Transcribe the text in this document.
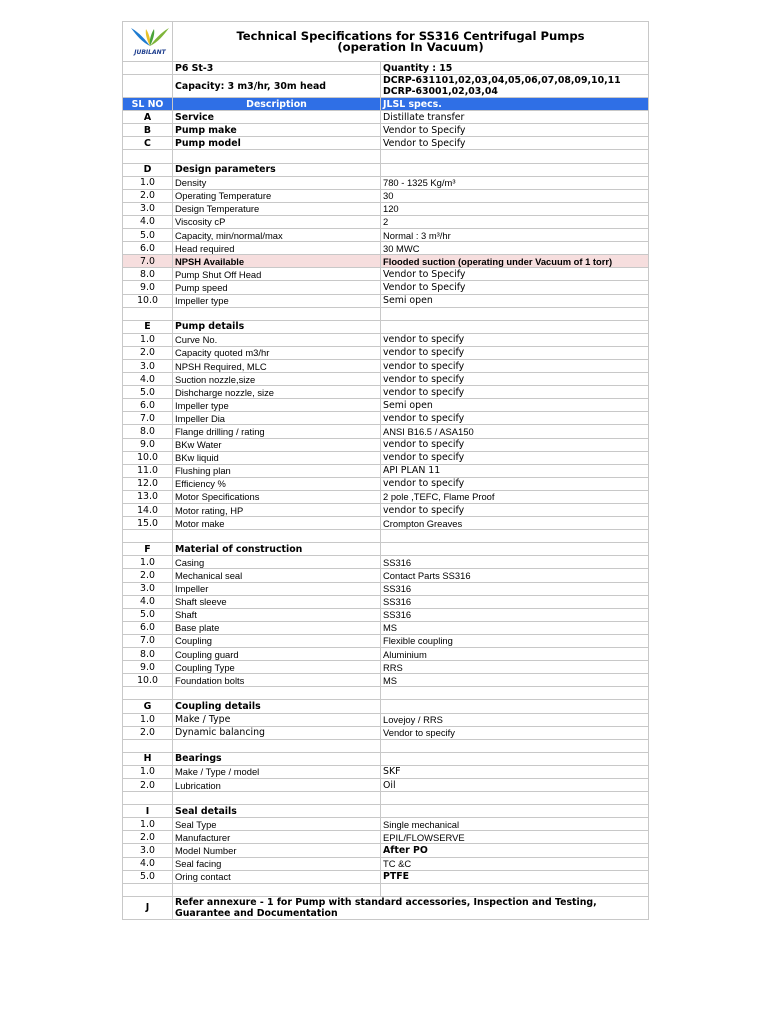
JUBILANT	Technical Specifications for SS316 Centrifugal Pumps
(operation In Vacuum)	

	P6 St-3	Quantity : 15
	Capacity: 3 m3/hr, 30m head	DCRP-631101,02,03,04,05,06,07,08,09,10,11
DCRP-63001,02,03,04

SL NO	Description	JLSL specs.
A	Service	Distillate transfer
B	Pump make	Vendor to Specify
C	Pump model	Vendor to Specify

D	Design parameters	
1.0	Density	780 - 1325 Kg/m³
2.0	Operating Temperature	30
3.0	Design Temperature	120
4.0	Viscosity cP	2
5.0	Capacity, min/normal/max	Normal : 3 m³/hr
6.0	Head required	30 MWC
7.0	NPSH Available	Flooded suction (operating under Vacuum of 1 torr)
8.0	Pump Shut Off Head	Vendor to Specify
9.0	Pump speed	Vendor to Specify
10.0	Impeller type	Semi open

E	Pump details	
1.0	Curve No.	vendor to specify
2.0	Capacity quoted m3/hr	vendor to specify
3.0	NPSH Required, MLC	vendor to specify
4.0	Suction nozzle,size	vendor to specify
5.0	Dishcharge nozzle, size	vendor to specify
6.0	Impeller type	Semi open
7.0	Impeller Dia	vendor to specify
8.0	Flange drilling / rating	ANSI B16.5 / ASA150
9.0	BKw Water	vendor to specify
10.0	BKw liquid	vendor to specify
11.0	Flushing plan	API PLAN 11
12.0	Efficiency %	vendor to specify
13.0	Motor Specifications	2 pole ,TEFC, Flame Proof
14.0	Motor rating, HP	vendor to specify
15.0	Motor make	Crompton Greaves

F	Material of construction	
1.0	Casing	SS316
2.0	Mechanical seal	Contact Parts SS316
3.0	Impeller	SS316
4.0	Shaft sleeve	SS316
5.0	Shaft	SS316
6.0	Base plate	MS
7.0	Coupling	Flexible coupling
8.0	Coupling guard	Aluminium
9.0	Coupling Type	RRS
10.0	Foundation bolts	MS

G	Coupling details	
1.0	Make / Type	Lovejoy / RRS
2.0	Dynamic balancing	Vendor to specify

H	Bearings	
1.0	Make / Type / model	SKF
2.0	Lubrication	Oil

I	Seal details	
1.0	Seal Type	Single mechanical
2.0	Manufacturer	EPIL/FLOWSERVE
3.0	Model Number	After PO
4.0	Seal facing	TC &C
5.0	Oring contact	PTFE

J	Refer annexure - 1 for Pump with standard accessories, Inspection and Testing, Guarantee and Documentation	
